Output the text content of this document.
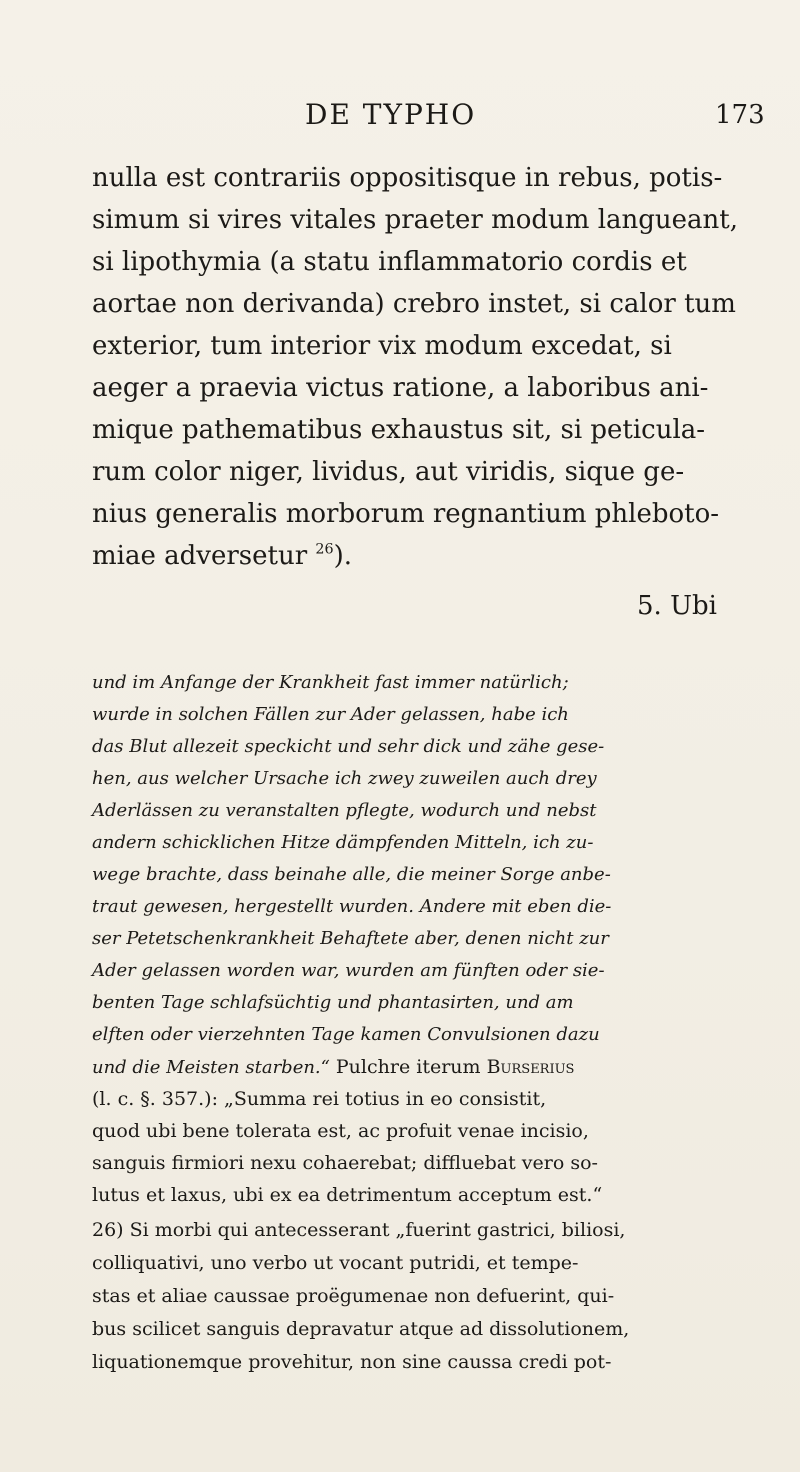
DE TYPHO	173
nulla est contrariis oppositisque in rebus, potis-
simum si vires vitales praeter modum langueant,
si lipothymia (a statu inflammatorio cordis et
aortae non derivanda) crebro instet, si calor tum
exterior, tum interior vix modum excedat, si
aeger a praevia victus ratione, a laboribus ani-
mique pathematibus exhaustus sit, si peticula-
rum color niger, lividus, aut viridis, sique ge-
nius generalis morborum regnantium phleboto-
miae adversetur $^{26}$).
5. Ubi
und im Anfange der Krankheit fast immer natürlich;
wurde in solchen Fällen zur Ader gelassen, habe ich
das Blut allezeit speckicht und sehr dick und zähe gese-
hen, aus welcher Ursache ich zwey zuweilen auch drey
Aderlässen zu veranstalten pflegte, wodurch und nebst
andern schicklichen Hitze dämpfenden Mitteln, ich zu-
wege brachte, dass beinahe alle, die meiner Sorge anbe-
traut gewesen, hergestellt wurden. Andere mit eben die-
ser Petetschenkrankheit Behaftete aber, denen nicht zur
Ader gelassen worden war, wurden am fünften oder sie-
benten Tage schlafsüchtig und phantasirten, und am
elften oder vierzehnten Tage kamen Convulsionen dazu
und die Meisten starben.“ Pulchre iterum Burserius
(l. c. §. 357.): „Summa rei totius in eo consistit,
quod ubi bene tolerata est, ac profuit venae incisio,
sanguis firmiori nexu cohaerebat; diffluebat vero so-
lutus et laxus, ubi ex ea detrimentum acceptum est.“
26) Si morbi qui antecesserant „fuerint gastrici, biliosi,
colliquativi, uno verbo ut vocant putridi, et tempe-
stas et aliae caussae proëgumenae non defuerint, qui-
bus scilicet sanguis depravatur atque ad dissolutionem,
liquationemque provehitur, non sine caussa credi pot-
